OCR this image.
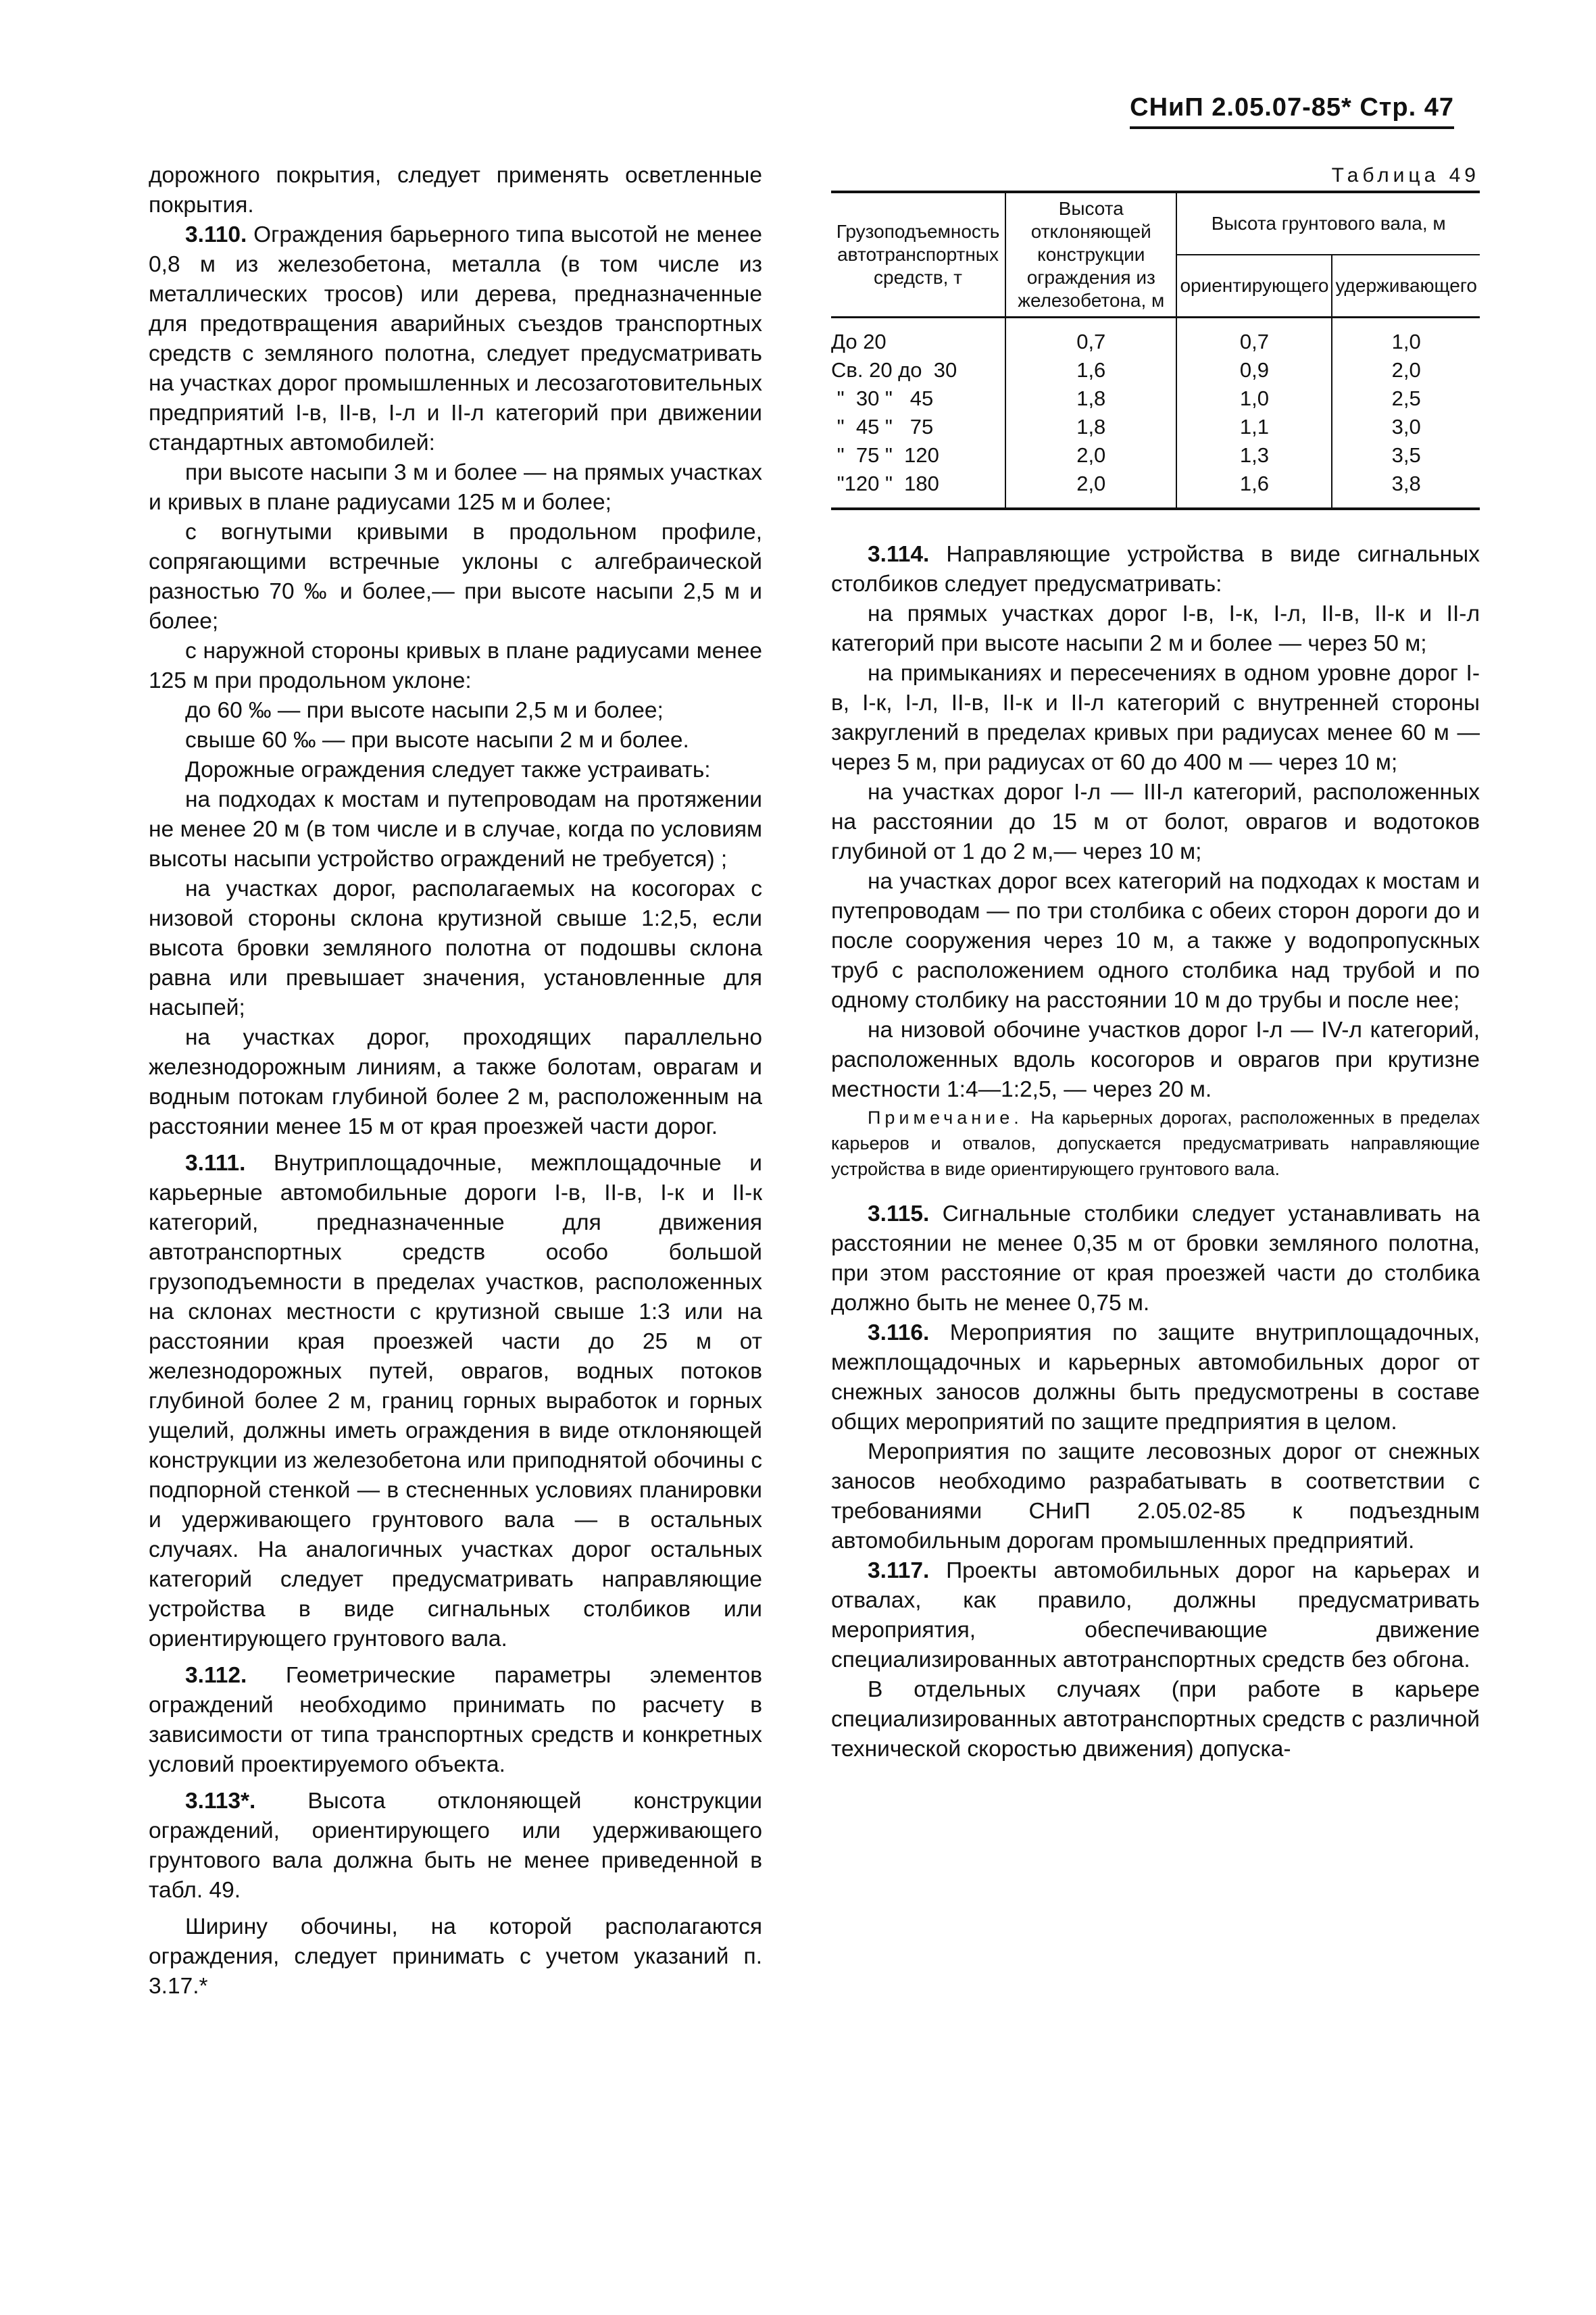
СНиП 2.05.07-85* Стр. 47

дорожного покрытия, следует применять осветленные покрытия.

3.110. Ограждения барьерного типа высотой не менее 0,8 м из железобетона, металла (в том числе из металлических тросов) или дерева, предназначенные для предотвращения аварийных съездов транспортных средств с земляного полотна, следует предусматривать на участках дорог промышленных и лесозаготовительных предприятий I-в, II-в, I-л и II-л категорий при движении стандартных автомобилей:

при высоте насыпи 3 м и более — на прямых участках и кривых в плане радиусами 125 м и более;

с вогнутыми кривыми в продольном профиле, сопрягающими встречные уклоны с алгебраической разностью 70 ‰ и более,— при высоте насыпи 2,5 м и более;

с наружной стороны кривых в плане радиусами менее 125 м при продольном уклоне:

до 60 ‰ — при высоте насыпи 2,5 м и более;

свыше 60 ‰ — при высоте насыпи 2 м и более.

Дорожные ограждения следует также устраивать:

на подходах к мостам и путепроводам на протяжении не менее 20 м (в том числе и в случае, когда по условиям высоты насыпи устройство ограждений не требуется) ;

на участках дорог, располагаемых на косогорах с низовой стороны склона крутизной свыше 1:2,5, если высота бровки земляного полотна от подошвы склона равна или превышает значения, установленные для насыпей;

на участках дорог, проходящих параллельно железнодорожным линиям, а также болотам, оврагам и водным потокам глубиной более 2 м, расположенным на расстоянии менее 15 м от края проезжей части дорог.

3.111. Внутриплощадочные, межплощадочные и карьерные автомобильные дороги I-в, II-в, I-к и II-к категорий, предназначенные для движения автотранспортных средств особо большой грузоподъемности в пределах участков, расположенных на склонах местности с крутизной свыше 1:3 или на расстоянии края проезжей части до 25 м от железнодорожных путей, оврагов, водных потоков глубиной более 2 м, границ горных выработок и горных ущелий, должны иметь ограждения в виде отклоняющей конструкции из железобетона или приподнятой обочины с подпорной стенкой — в стесненных условиях планировки и удерживающего грунтового вала — в остальных случаях. На аналогичных участках дорог остальных категорий следует предусматривать направляющие устройства в виде сигнальных столбиков или ориентирующего грунтового вала.

3.112. Геометрические параметры элементов ограждений необходимо принимать по расчету в зависимости от типа транспортных средств и конкретных условий проектируемого объекта.

3.113*. Высота отклоняющей конструкции ограждений, ориентирующего или удерживающего грунтового вала должна быть не менее приведенной в табл. 49.

Ширину обочины, на которой располагаются ограждения, следует принимать с учетом указаний п. 3.17.*

Таблица 49

Грузоподъемность автотранспортных средств, т	Высота отклоняющей конструкции ограждения из железобетона, м	Высота грунтового вала, м	
		ориентирующего	удерживающего
До 20	0,7	0,7	1,0
Св. 20 до  30	1,6	0,9	2,0
"  30 "   45	1,8	1,0	2,5
"  45 "   75	1,8	1,1	3,0
"  75 "  120	2,0	1,3	3,5
"120 "  180	2,0	1,6	3,8

3.114. Направляющие устройства в виде сигнальных столбиков следует предусматривать:

на прямых участках дорог I-в, I-к, I-л, II-в, II-к и II-л категорий при высоте насыпи 2 м и более — через 50 м;

на примыканиях и пересечениях в одном уровне дорог I-в, I-к, I-л, II-в, II-к и II-л категорий с внутренней стороны закруглений в пределах кривых при радиусах менее 60 м — через 5 м, при радиусах от 60 до 400 м — через 10 м;

на участках дорог I-л — III-л категорий, расположенных на расстоянии до 15 м от болот, оврагов и водотоков глубиной от 1 до 2 м,— через 10 м;

на участках дорог всех категорий на подходах к мостам и путепроводам — по три столбика с обеих сторон дороги до и после сооружения через 10 м, а также у водопропускных труб с расположением одного столбика над трубой и по одному столбику на расстоянии 10 м до трубы и после нее;

на низовой обочине участков дорог I-л — IV-л категорий, расположенных вдоль косогоров и оврагов при крутизне местности 1:4—1:2,5, — через 20 м.

Примечание. На карьерных дорогах, расположенных в пределах карьеров и отвалов, допускается предусматривать направляющие устройства в виде ориентирующего грунтового вала.

3.115. Сигнальные столбики следует устанавливать на расстоянии не менее 0,35 м от бровки земляного полотна, при этом расстояние от края проезжей части до столбика должно быть не менее 0,75 м.

3.116. Мероприятия по защите внутриплощадочных, межплощадочных и карьерных автомобильных дорог от снежных заносов должны быть предусмотрены в составе общих мероприятий по защите предприятия в целом.

Мероприятия по защите лесовозных дорог от снежных заносов необходимо разрабатывать в соответствии с требованиями СНиП 2.05.02-85 к подъездным автомобильным дорогам промышленных предприятий.

3.117. Проекты автомобильных дорог на карьерах и отвалах, как правило, должны предусматривать мероприятия, обеспечивающие движение специализированных автотранспортных средств без обгона.

В отдельных случаях (при работе в карьере специализированных автотранспортных средств с различной технической скоростью движения) допуска-
